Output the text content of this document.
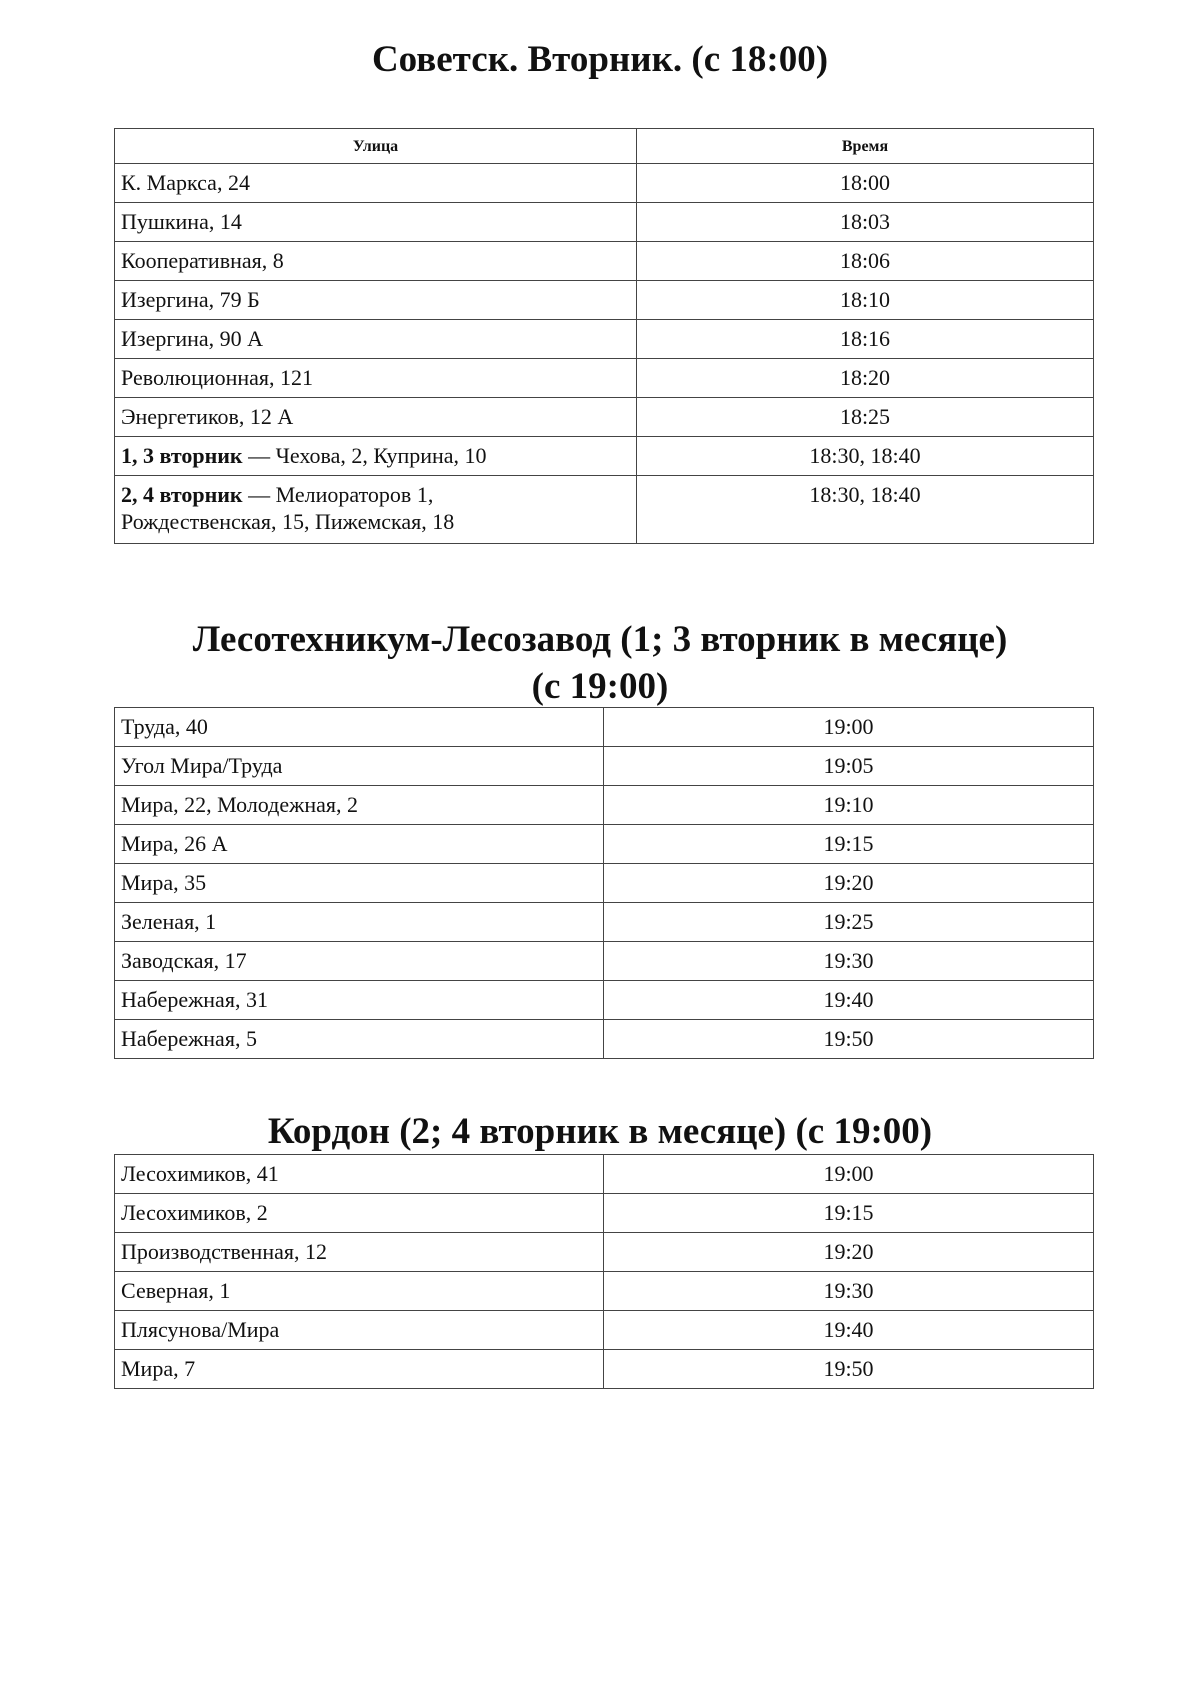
Советск. Вторник. (с 18:00)
Улица	Время
К. Маркса, 24	18:00
Пушкина, 14	18:03
Кооперативная, 8	18:06
Изергина, 79 Б	18:10
Изергина, 90 А	18:16
Революционная, 121	18:20
Энергетиков, 12 А	18:25
1, 3 вторник — Чехова, 2, Куприна, 10	18:30, 18:40
2, 4 вторник — Мелиораторов 1,
Рождественская, 15, Пижемская, 18	18:30, 18:40
Лесотехникум-Лесозавод (1; 3 вторник в месяце)
(с 19:00)
Труда, 40	19:00
Угол Мира/Труда	19:05
Мира, 22, Молодежная, 2	19:10
Мира, 26 А	19:15
Мира, 35	19:20
Зеленая, 1	19:25
Заводская, 17	19:30
Набережная, 31	19:40
Набережная, 5	19:50
Кордон (2; 4 вторник в месяце) (с 19:00)
Лесохимиков, 41	19:00
Лесохимиков, 2	19:15
Производственная, 12	19:20
Северная, 1	19:30
Плясунова/Мира	19:40
Мира, 7	19:50
